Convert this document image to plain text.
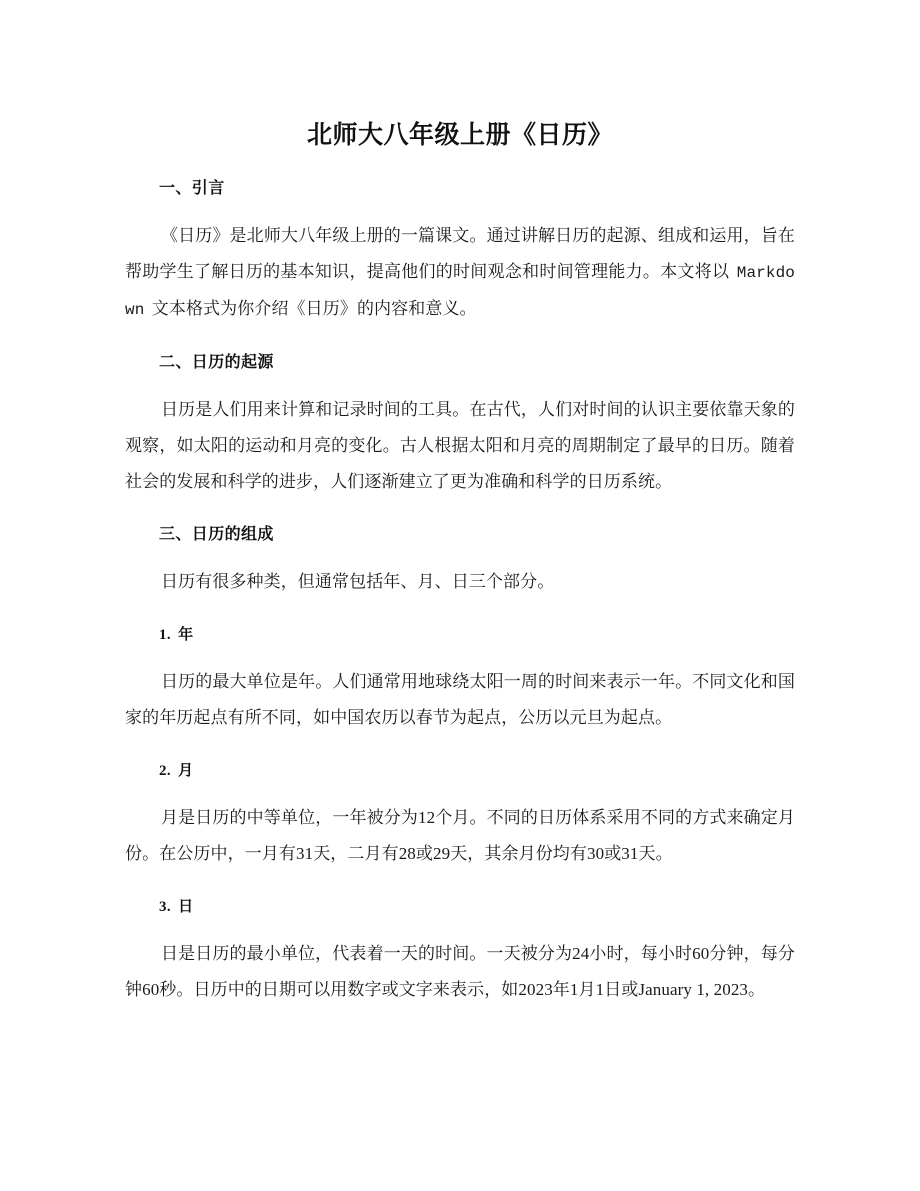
北师大八年级上册《日历》
一、引言

《日历》是北师大八年级上册的一篇课文。通过讲解日历的起源、组成和运用，旨在帮助学生了解日历的基本知识，提高他们的时间观念和时间管理能力。本文将以 Markdown 文本格式为你介绍《日历》的内容和意义。

二、日历的起源

日历是人们用来计算和记录时间的工具。在古代，人们对时间的认识主要依靠天象的观察，如太阳的运动和月亮的变化。古人根据太阳和月亮的周期制定了最早的日历。随着社会的发展和科学的进步，人们逐渐建立了更为准确和科学的日历系统。

三、日历的组成

日历有很多种类，但通常包括年、月、日三个部分。

1. 年

日历的最大单位是年。人们通常用地球绕太阳一周的时间来表示一年。不同文化和国家的年历起点有所不同，如中国农历以春节为起点，公历以元旦为起点。

2. 月

月是日历的中等单位，一年被分为12个月。不同的日历体系采用不同的方式来确定月份。在公历中，一月有31天，二月有28或29天，其余月份均有30或31天。

3. 日

日是日历的最小单位，代表着一天的时间。一天被分为24小时，每小时60分钟，每分钟60秒。日历中的日期可以用数字或文字来表示，如2023年1月1日或January 1, 2023。
